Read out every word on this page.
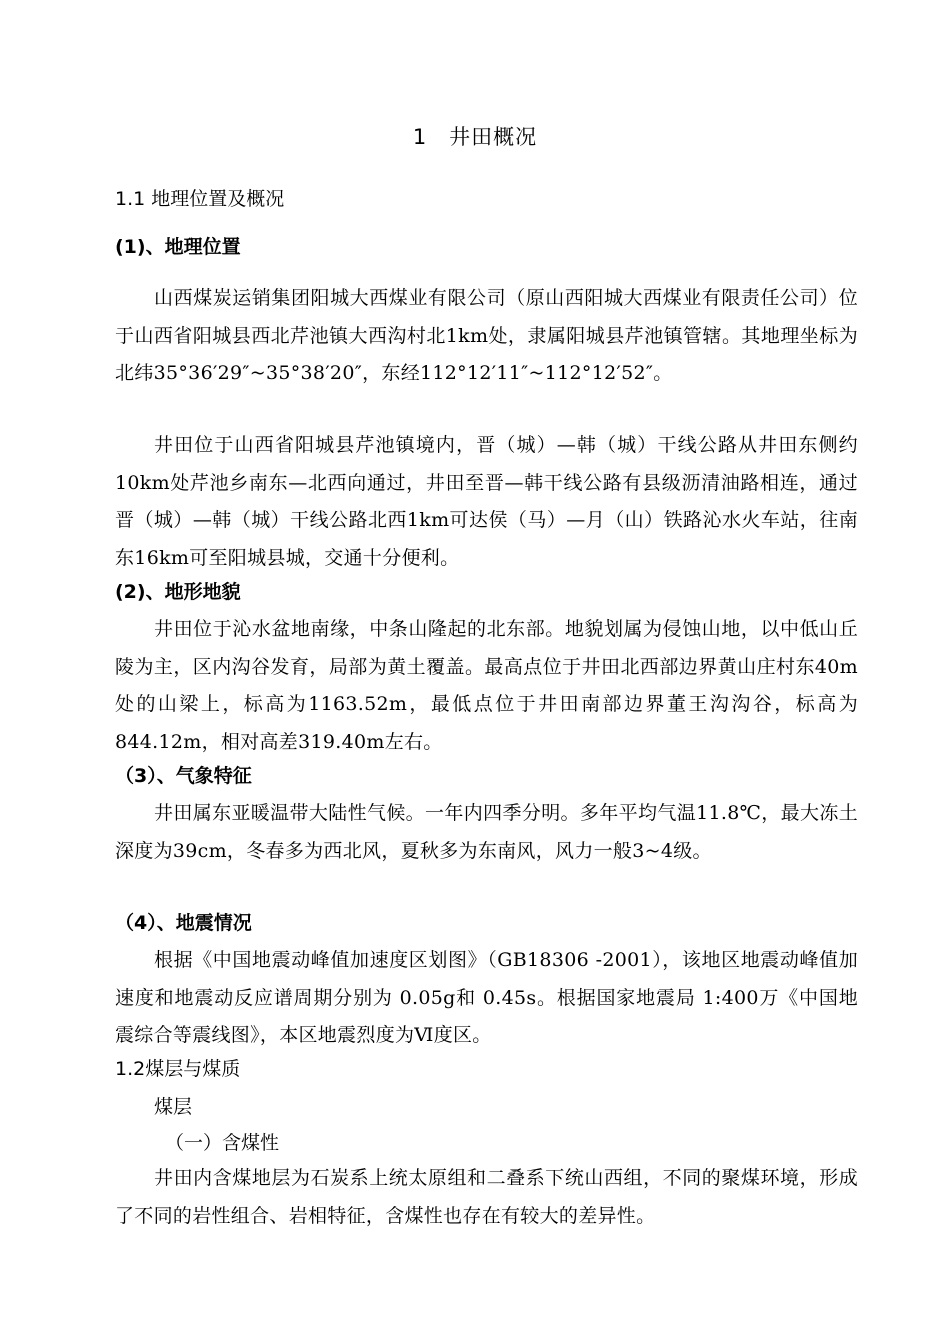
1　井田概况
1.1 地理位置及概况
(1)、地理位置
山西煤炭运销集团阳城大西煤业有限公司（原山西阳城大西煤业有限责任公司）位于山西省阳城县西北芹池镇大西沟村北1km处，隶属阳城县芹池镇管辖。其地理坐标为北纬35°36′29″~35°38′20″，东经112°12′11″~112°12′52″。
井田位于山西省阳城县芹池镇境内，晋（城）—韩（城）干线公路从井田东侧约10km处芹池乡南东—北西向通过，井田至晋—韩干线公路有县级沥清油路相连，通过晋（城）—韩（城）干线公路北西1km可达侯（马）—月（山）铁路沁水火车站，往南东16km可至阳城县城，交通十分便利。
(2)、地形地貌
井田位于沁水盆地南缘，中条山隆起的北东部。地貌划属为侵蚀山地，以中低山丘陵为主，区内沟谷发育，局部为黄土覆盖。最高点位于井田北西部边界黄山庄村东40m处的山梁上，标高为1163.52m，最低点位于井田南部边界董王沟沟谷，标高为844.12m，相对高差319.40m左右。
（3）、气象特征
井田属东亚暖温带大陆性气候。一年内四季分明。多年平均气温11.8℃，最大冻土深度为39cm，冬春多为西北风，夏秋多为东南风，风力一般3~4级。
（4）、地震情况
根据《中国地震动峰值加速度区划图》（GB18306 -2001），该地区地震动峰值加速度和地震动反应谱周期分别为 0.05g和 0.45s。根据国家地震局 1:400万《中国地震综合等震线图》，本区地震烈度为Ⅵ度区。
1.2煤层与煤质
煤层
（一）含煤性
井田内含煤地层为石炭系上统太原组和二叠系下统山西组，不同的聚煤环境，形成了不同的岩性组合、岩相特征，含煤性也存在有较大的差异性。
